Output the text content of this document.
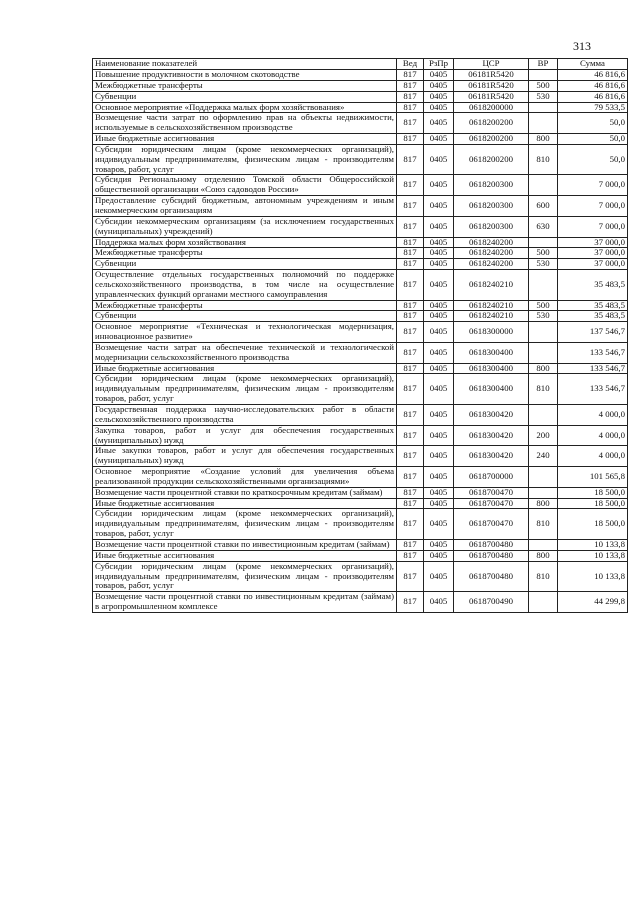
313
Наименование показателей	Вед	РзПр	ЦСР	ВР	Сумма
Повышение продуктивности в молочном скотоводстве	817	0405	06181R5420		46 816,6
Межбюджетные трансферты	817	0405	06181R5420	500	46 816,6
Субвенции	817	0405	06181R5420	530	46 816,6
Основное мероприятие «Поддержка малых форм хозяйствования»	817	0405	0618200000		79 533,5
Возмещение части затрат по оформлению прав на объекты недвижимости, используемые в сельскохозяйственном производстве	817	0405	0618200200		50,0
Иные бюджетные ассигнования	817	0405	0618200200	800	50,0
Субсидии юридическим лицам (кроме некоммерческих организаций), индивидуальным предпринимателям, физическим лицам - производителям товаров, работ, услуг	817	0405	0618200200	810	50,0
Субсидия Региональному отделению Томской области Общероссийской общественной организации «Союз садоводов России»	817	0405	0618200300		7 000,0
Предоставление субсидий бюджетным, автономным учреждениям и иным некоммерческим организациям	817	0405	0618200300	600	7 000,0
Субсидии некоммерческим организациям (за исключением государственных (муниципальных) учреждений)	817	0405	0618200300	630	7 000,0
Поддержка малых форм хозяйствования	817	0405	0618240200		37 000,0
Межбюджетные трансферты	817	0405	0618240200	500	37 000,0
Субвенции	817	0405	0618240200	530	37 000,0
Осуществление отдельных государственных полномочий по поддержке сельскохозяйственного производства, в том числе на осуществление управленческих функций органами местного самоуправления	817	0405	0618240210		35 483,5
Межбюджетные трансферты	817	0405	0618240210	500	35 483,5
Субвенции	817	0405	0618240210	530	35 483,5
Основное мероприятие «Техническая и технологическая модернизация, инновационное развитие»	817	0405	0618300000		137 546,7
Возмещение части затрат на обеспечение технической и технологической модернизации сельскохозяйственного производства	817	0405	0618300400		133 546,7
Иные бюджетные ассигнования	817	0405	0618300400	800	133 546,7
Субсидии юридическим лицам (кроме некоммерческих организаций), индивидуальным предпринимателям, физическим лицам - производителям товаров, работ, услуг	817	0405	0618300400	810	133 546,7
Государственная поддержка научно-исследовательских работ в области сельскохозяйственного производства	817	0405	0618300420		4 000,0
Закупка товаров, работ и услуг для обеспечения государственных (муниципальных) нужд	817	0405	0618300420	200	4 000,0
Иные закупки товаров, работ и услуг для обеспечения государственных (муниципальных) нужд	817	0405	0618300420	240	4 000,0
Основное мероприятие «Создание условий для увеличения объема реализованной продукции сельскохозяйственными организациями»	817	0405	0618700000		101 565,8
Возмещение части процентной ставки по краткосрочным кредитам (займам)	817	0405	0618700470		18 500,0
Иные бюджетные ассигнования	817	0405	0618700470	800	18 500,0
Субсидии юридическим лицам (кроме некоммерческих организаций), индивидуальным предпринимателям, физическим лицам - производителям товаров, работ, услуг	817	0405	0618700470	810	18 500,0
Возмещение части процентной ставки по инвестиционным кредитам (займам)	817	0405	0618700480		10 133,8
Иные бюджетные ассигнования	817	0405	0618700480	800	10 133,8
Субсидии юридическим лицам (кроме некоммерческих организаций), индивидуальным предпринимателям, физическим лицам - производителям товаров, работ, услуг	817	0405	0618700480	810	10 133,8
Возмещение части процентной ставки по инвестиционным кредитам (займам) в агропромышленном комплексе	817	0405	0618700490		44 299,8
